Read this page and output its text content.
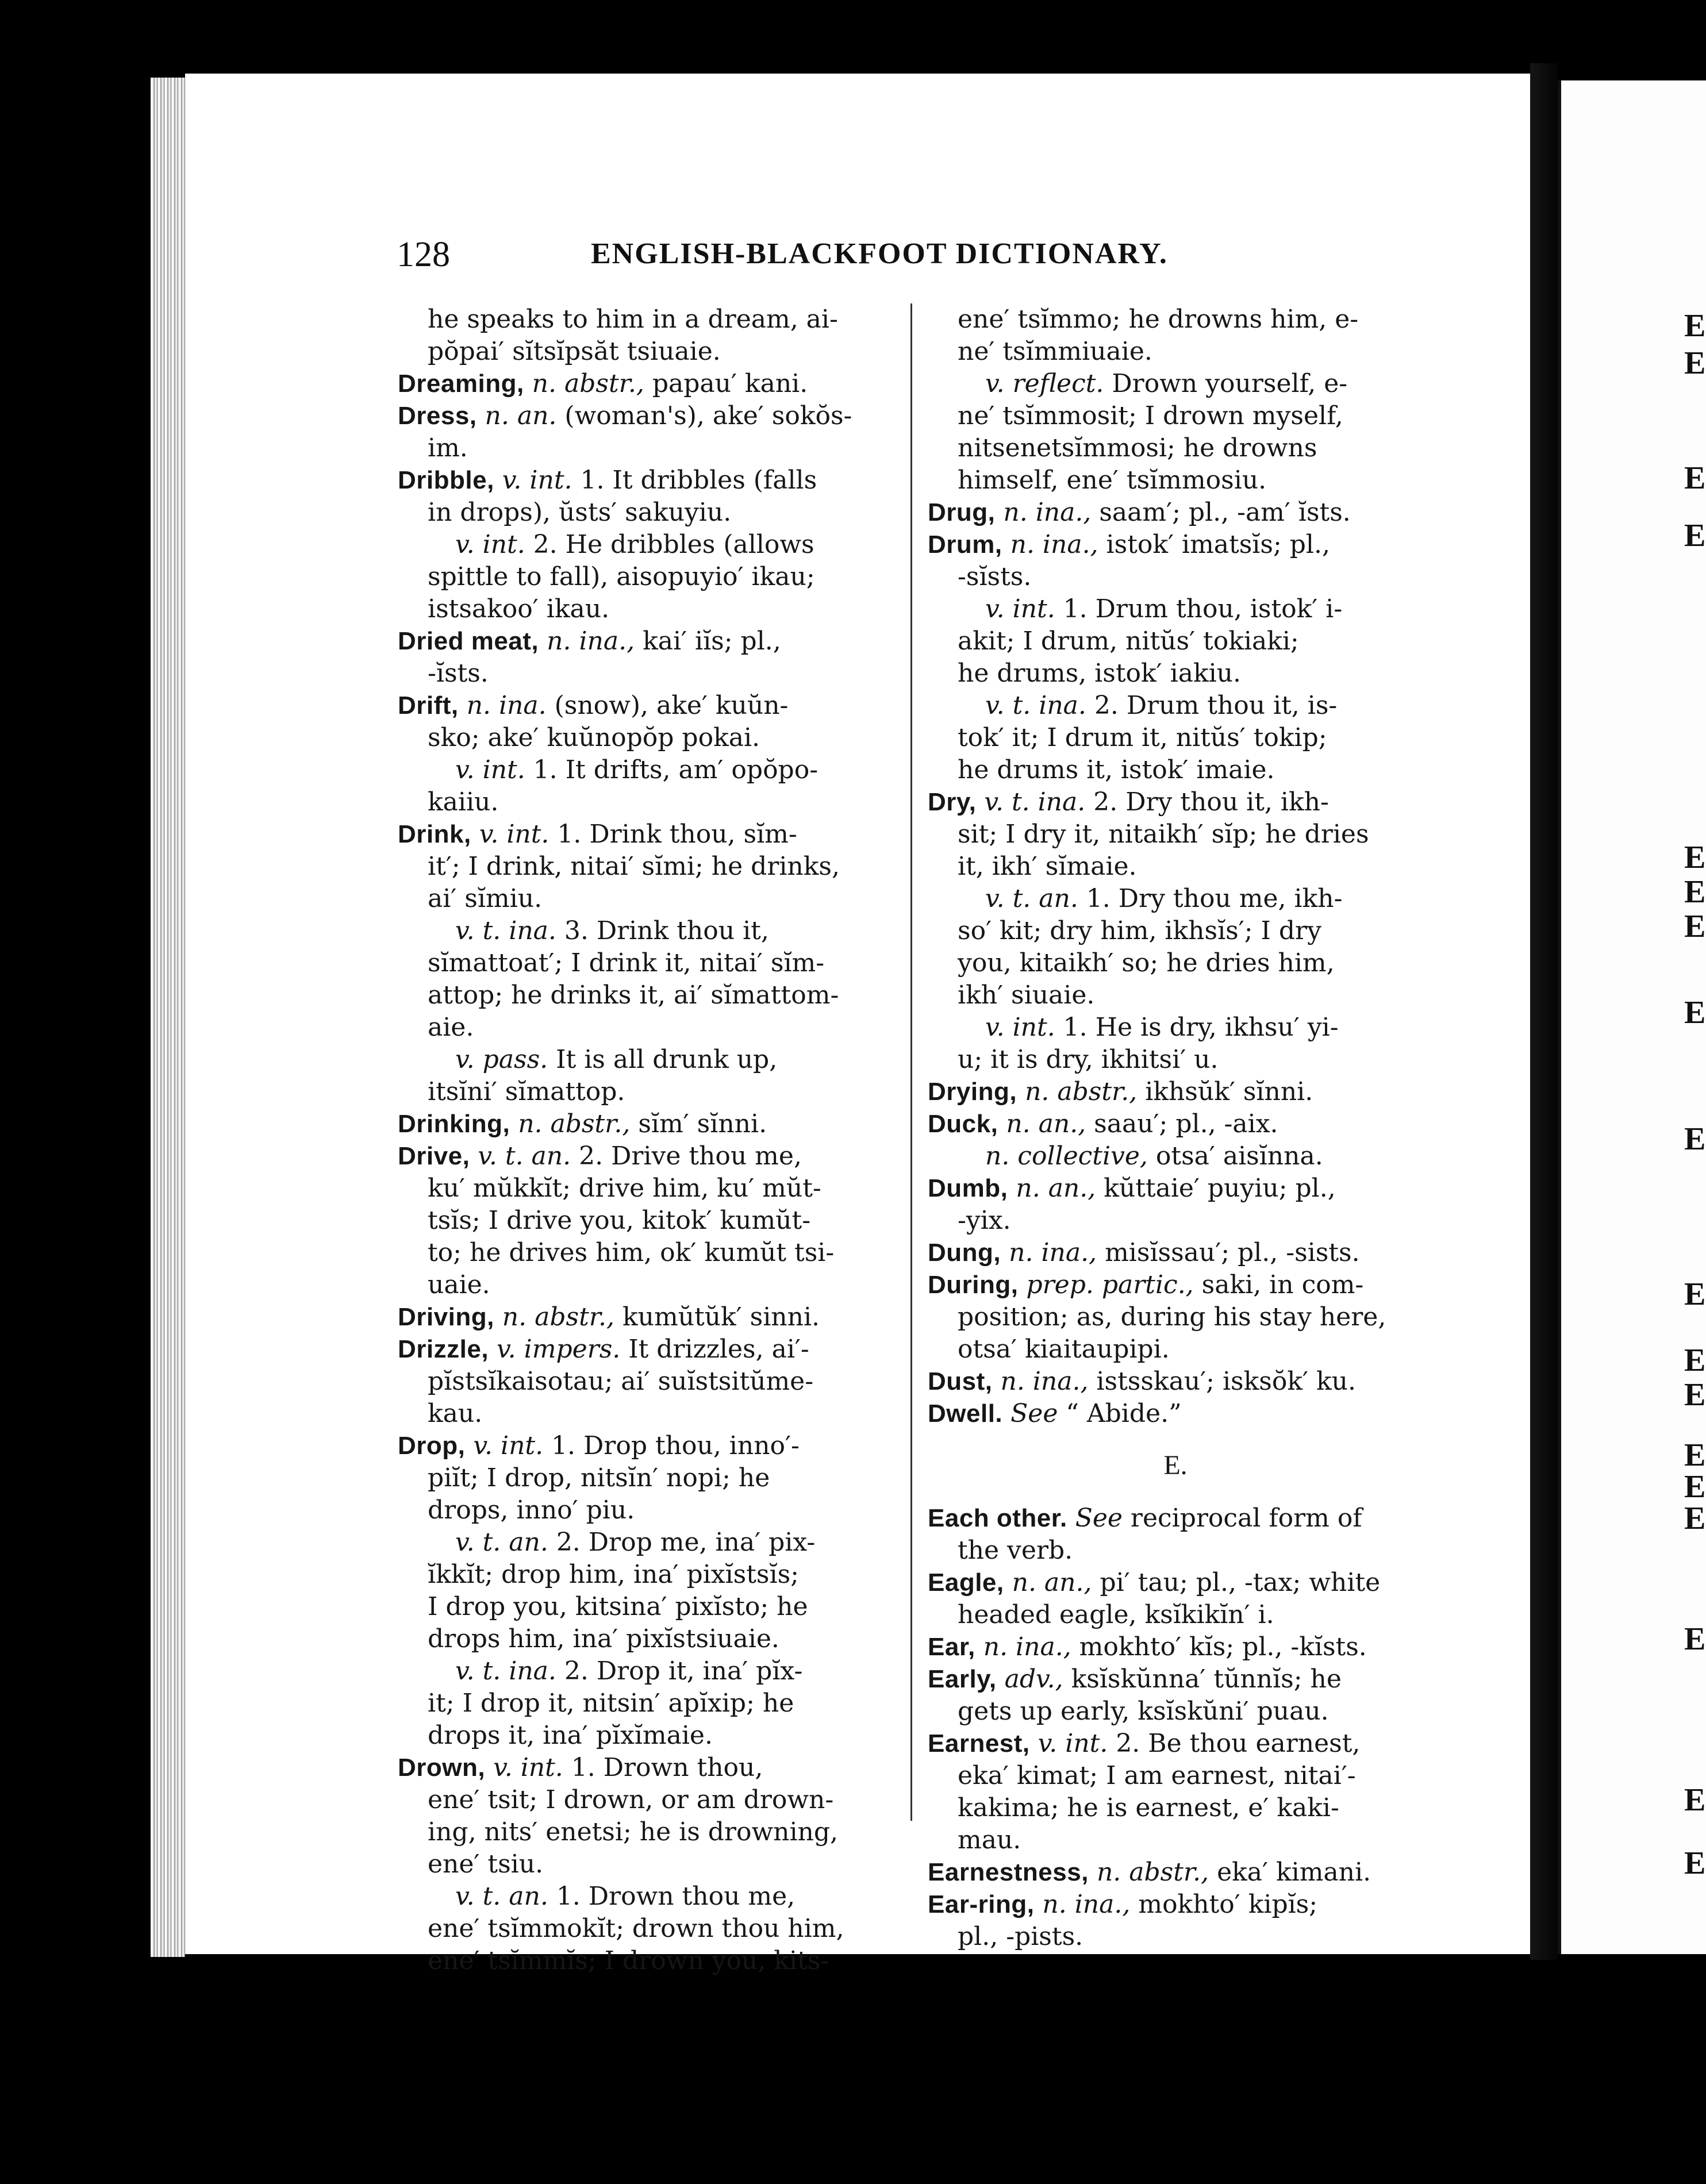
E
E
E
E
E
E
E
E
E
E
E
E
E
E
E
E
E
E
128	ENGLISH-BLACKFOOT DICTIONARY.

he speaks to him in a dream, ai-

pŏpai′ sĭtsĭpsăt tsiuaie.

Dreaming, n. abstr., papau′ kani.

Dress, n. an. (woman's), ake′ sokŏs-

im.

Dribble, v. int. 1. It dribbles (falls

in drops), ŭsts′ sakuyiu.

v. int. 2. He dribbles (allows

spittle to fall), aisopuyio′ ikau;

istsakoo′ ikau.

Dried meat, n. ina., kai′ iĭs; pl.,

-ĭsts.

Drift, n. ina. (snow), ake′ kuŭn-

sko; ake′ kuŭnopŏp pokai.

v. int. 1. It drifts, am′ opŏpo-

kaiiu.

Drink, v. int. 1. Drink thou, sĭm-

it′; I drink, nitai′ sĭmi; he drinks,

ai′ sĭmiu.

v. t. ina. 3. Drink thou it,

sĭmattoat′; I drink it, nitai′ sĭm-

attop; he drinks it, ai′ sĭmattom-

aie.

v. pass. It is all drunk up,

itsĭni′ sĭmattop.

Drinking, n. abstr., sĭm′ sĭnni.

Drive, v. t. an. 2. Drive thou me,

ku′ mŭkkĭt; drive him, ku′ mŭt-

tsĭs; I drive you, kitok′ kumŭt-

to; he drives him, ok′ kumŭt tsi-

uaie.

Driving, n. abstr., kumŭtŭk′ sinni.

Drizzle, v. impers. It drizzles, ai′-

pĭstsĭkaisotau; ai′ suĭstsitŭme-

kau.

Drop, v. int. 1. Drop thou, inno′-

piĭt; I drop, nitsĭn′ nopi; he

drops, inno′ piu.

v. t. an. 2. Drop me, ina′ pix-

ĭkkĭt; drop him, ina′ pixĭstsĭs;

I drop you, kitsina′ pixĭsto; he

drops him, ina′ pixĭstsiuaie.

v. t. ina. 2. Drop it, ina′ pĭx-

it; I drop it, nitsin′ apĭxip; he

drops it, ina′ pĭxĭmaie.

Drown, v. int. 1. Drown thou,

ene′ tsit; I drown, or am drown-

ing, nits′ enetsi; he is drowning,

ene′ tsiu.

v. t. an. 1. Drown thou me,

ene′ tsĭmmokĭt; drown thou him,

ene′ tsĭmmĭs; I drown you, kits-

ene′ tsĭmmo; he drowns him, e-

ne′ tsĭmmiuaie.

v. reflect. Drown yourself, e-

ne′ tsĭmmosit; I drown myself,

nitsenetsĭmmosi; he drowns

himself, ene′ tsĭmmosiu.

Drug, n. ina., saam′; pl., -am′ ĭsts.

Drum, n. ina., istok′ imatsĭs; pl.,

-sĭsts.

v. int. 1. Drum thou, istok′ i-

akit; I drum, nitŭs′ tokiaki;

he drums, istok′ iakiu.

v. t. ina. 2. Drum thou it, is-

tok′ it; I drum it, nitŭs′ tokip;

he drums it, istok′ imaie.

Dry, v. t. ina. 2. Dry thou it, ikh-

sit; I dry it, nitaikh′ sĭp; he dries

it, ikh′ sĭmaie.

v. t. an. 1. Dry thou me, ikh-

so′ kit; dry him, ikhsĭs′; I dry

you, kitaikh′ so; he dries him,

ikh′ siuaie.

v. int. 1. He is dry, ikhsu′ yi-

u; it is dry, ikhitsi′ u.

Drying, n. abstr., ikhsŭk′ sĭnni.

Duck, n. an., saau′; pl., -aix.

n. collective, otsa′ aisĭnna.

Dumb, n. an., kŭttaie′ puyiu; pl.,

-yix.

Dung, n. ina., misĭssau′; pl., -sists.

During, prep. partic., saki, in com-

position; as, during his stay here,

otsa′ kiaitaupipi.

Dust, n. ina., istsskau′; isksŏk′ ku.

Dwell. See “ Abide.”

E.

Each other. See reciprocal form of

the verb.

Eagle, n. an., pi′ tau; pl., -tax; white

headed eagle, ksĭkikĭn′ i.

Ear, n. ina., mokhto′ kĭs; pl., -kĭsts.

Early, adv., ksĭskŭnna′ tŭnnĭs; he

gets up early, ksĭskŭni′ puau.

Earnest, v. int. 2. Be thou earnest,

eka′ kimat; I am earnest, nitai′-

kakima; he is earnest, e′ kaki-

mau.

Earnestness, n. abstr., eka′ kimani.

Ear-ring, n. ina., mokhto′ kipĭs;

pl., -pists.
